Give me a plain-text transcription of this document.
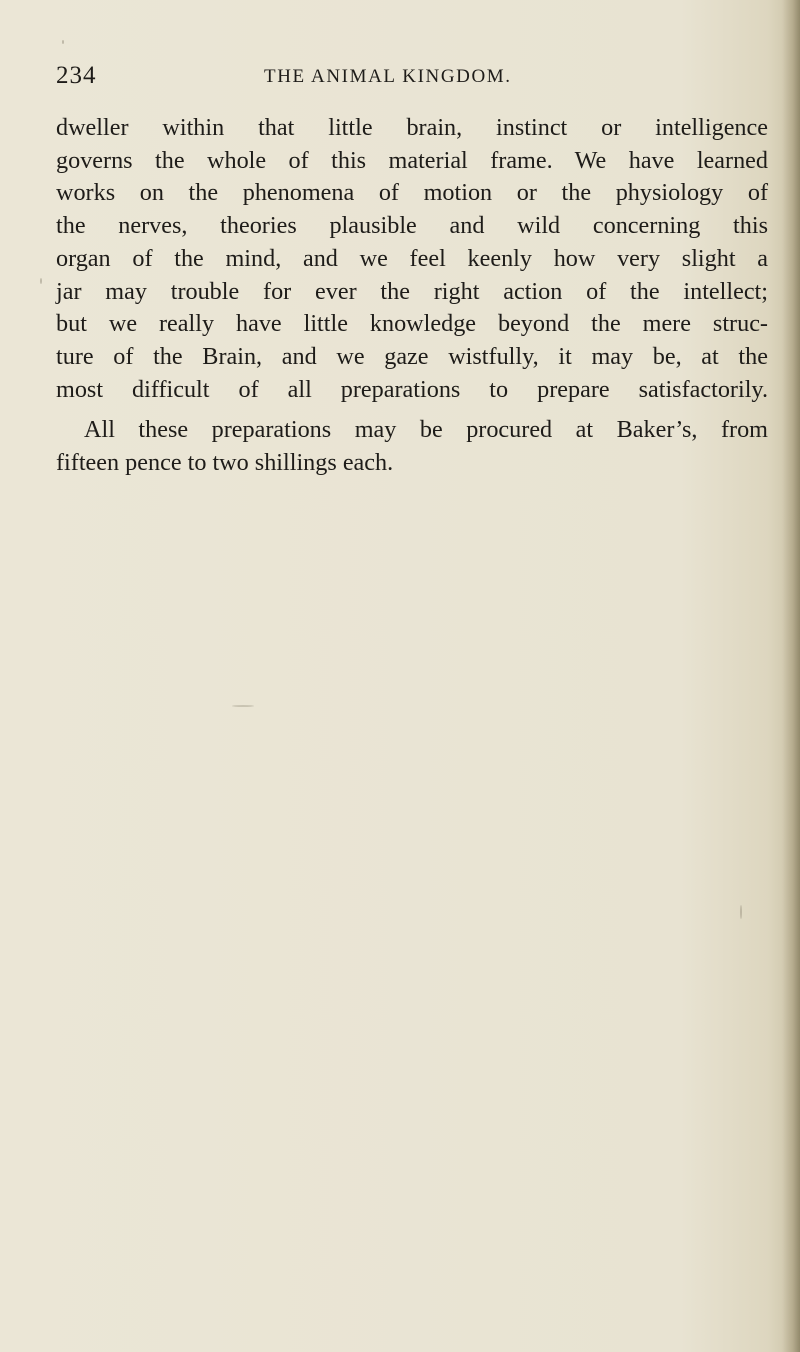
234	THE ANIMAL KINGDOM.
dweller within that little brain, instinct or intelligence
governs the whole of this material frame. We have learned
works on the phenomena of motion or the physiology of
the nerves, theories plausible and wild concerning this
organ of the mind, and we feel keenly how very slight a
jar may trouble for ever the right action of the intellect;
but we really have little knowledge beyond the mere struc-
ture of the Brain, and we gaze wistfully, it may be, at the
most difficult of all preparations to prepare satisfactorily.
All these preparations may be procured at Baker’s, from
fifteen pence to two shillings each.
